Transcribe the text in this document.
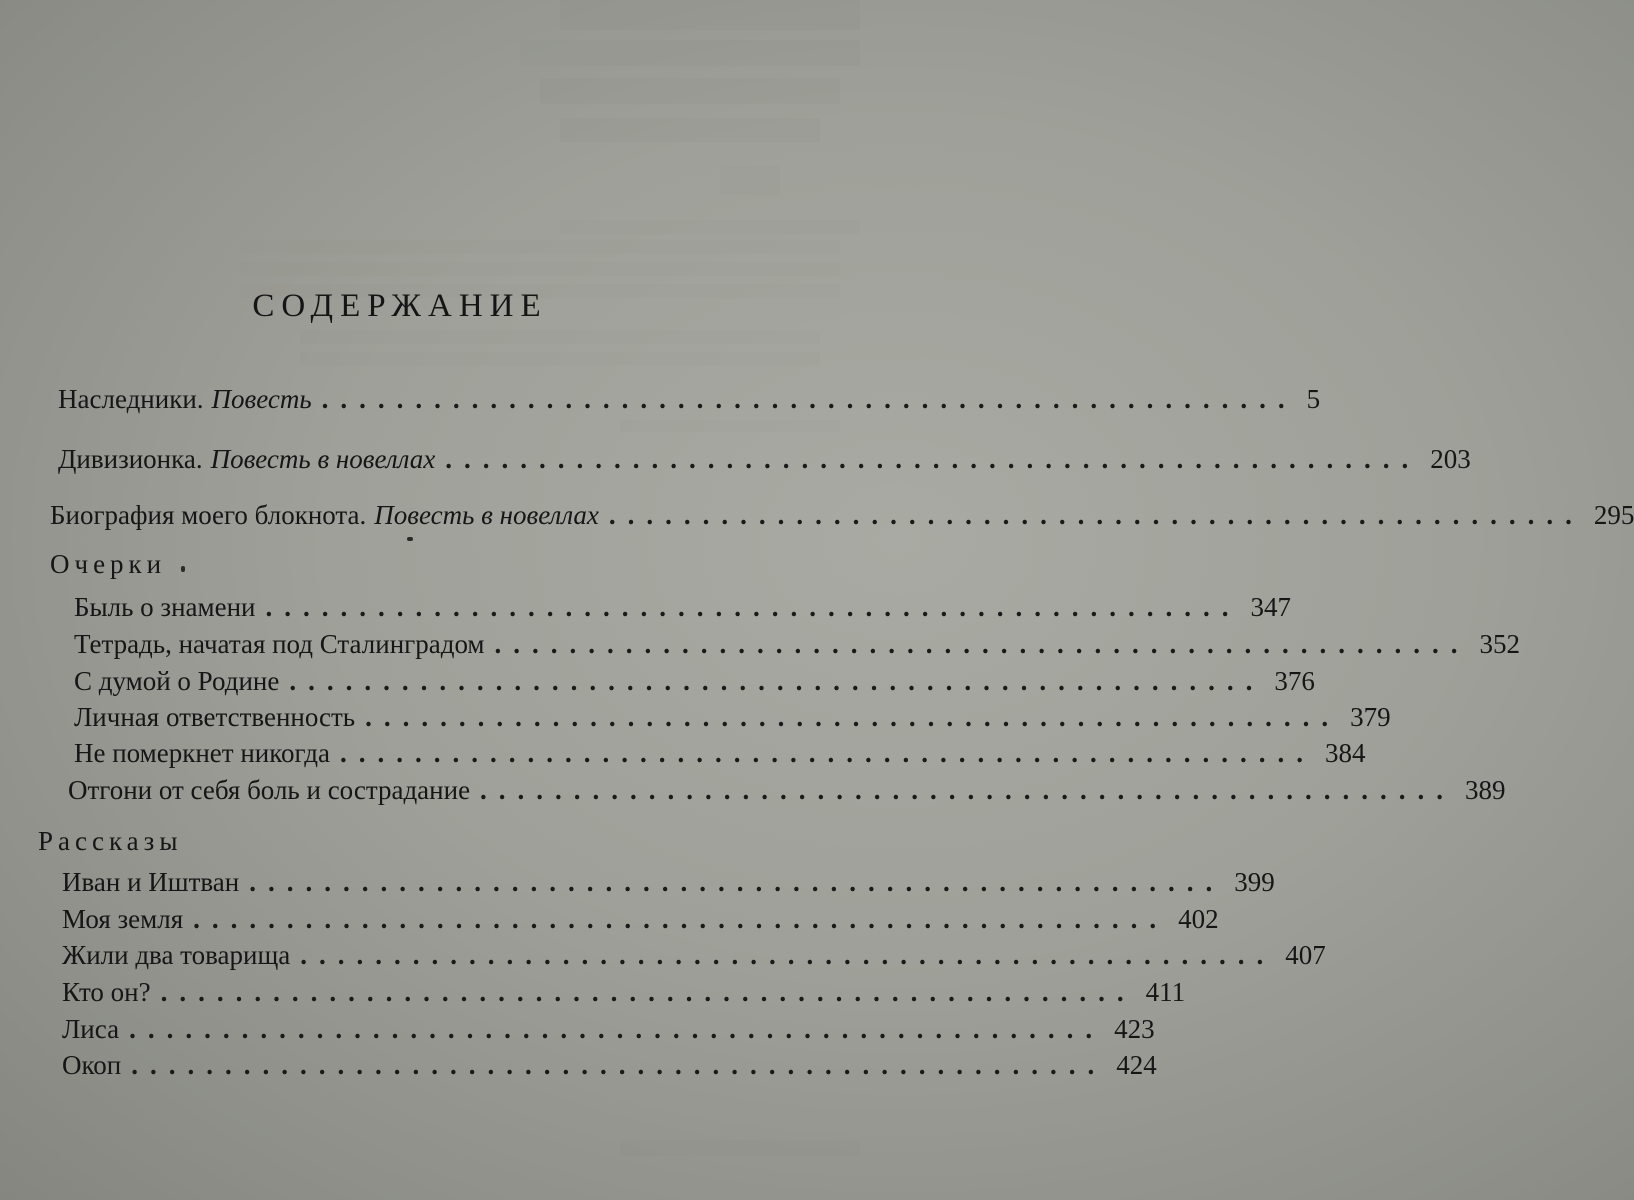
СОДЕРЖАНИЕ
Наследники. Повесть .................................................... 5
Дивизионка. Повесть в новеллах .................................................... 203
Биография моего блокнота. Повесть в новеллах .................................................... 295
Очерки
Быль о знамени .................................................... 347
Тетрадь, начатая под Сталинградом .................................................... 352
С думой о Родине .................................................... 376
Личная ответственность .................................................... 379
Не померкнет никогда .................................................... 384
Отгони от себя боль и сострадание .................................................... 389
Рассказы
Иван и Иштван .................................................... 399
Моя земля .................................................... 402
Жили два товарища .................................................... 407
Кто он? .................................................... 411
Лиса .................................................... 423
Окоп .................................................... 424
